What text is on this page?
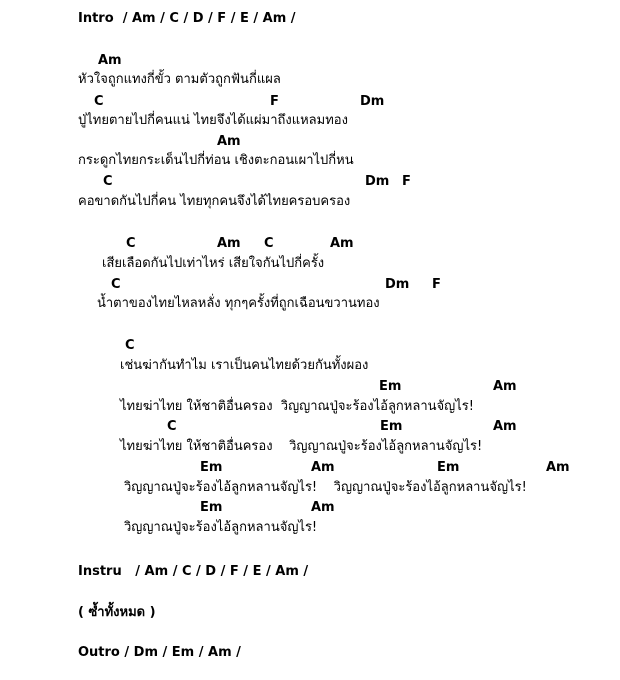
Intro  / Am / C / D / F / E / Am /
Am
หัวใจถูกแทงกี่ขั้ว ตามตัวถูกฟันกี่แผล
C	F	Dm
ปู่ไทยตายไปกี่คนแน่ ไทยจึงได้แผ่มาถึงแหลมทอง
Am
กระดูกไทยกระเด็นไปกี่ท่อน เชิงตะกอนเผาไปกี่หน
C	Dm F
คอขาดกันไปกี่คน ไทยทุกคนจึงได้ไทยครอบครอง
C	Am C	Am
เสียเลือดกันไปเท่าไหร่ เสียใจกันไปกี่ครั้ง
C	Dm F
น้ำตาของไทยไหลหลั่ง ทุกๆครั้งที่ถูกเฉือนขวานทอง
C
เช่นฆ่ากันทำไม เราเป็นคนไทยด้วยกันทั้งผอง
Em	Am
ไทยฆ่าไทย ให้ชาติอื่นครอง  วิญญาณปู่จะร้องไอ้ลูกหลานจัญไร!
C	Em	Am
ไทยฆ่าไทย ให้ชาติอื่นครอง    วิญญาณปู่จะร้องไอ้ลูกหลานจัญไร!
Em	Am	Em	Am
วิญญาณปู่จะร้องไอ้ลูกหลานจัญไร!    วิญญาณปู่จะร้องไอ้ลูกหลานจัญไร!
Em	Am
วิญญาณปู่จะร้องไอ้ลูกหลานจัญไร!
Instru   / Am / C / D / F / E / Am /
( ซ้ำทั้งหมด )
Outro / Dm / Em / Am /
